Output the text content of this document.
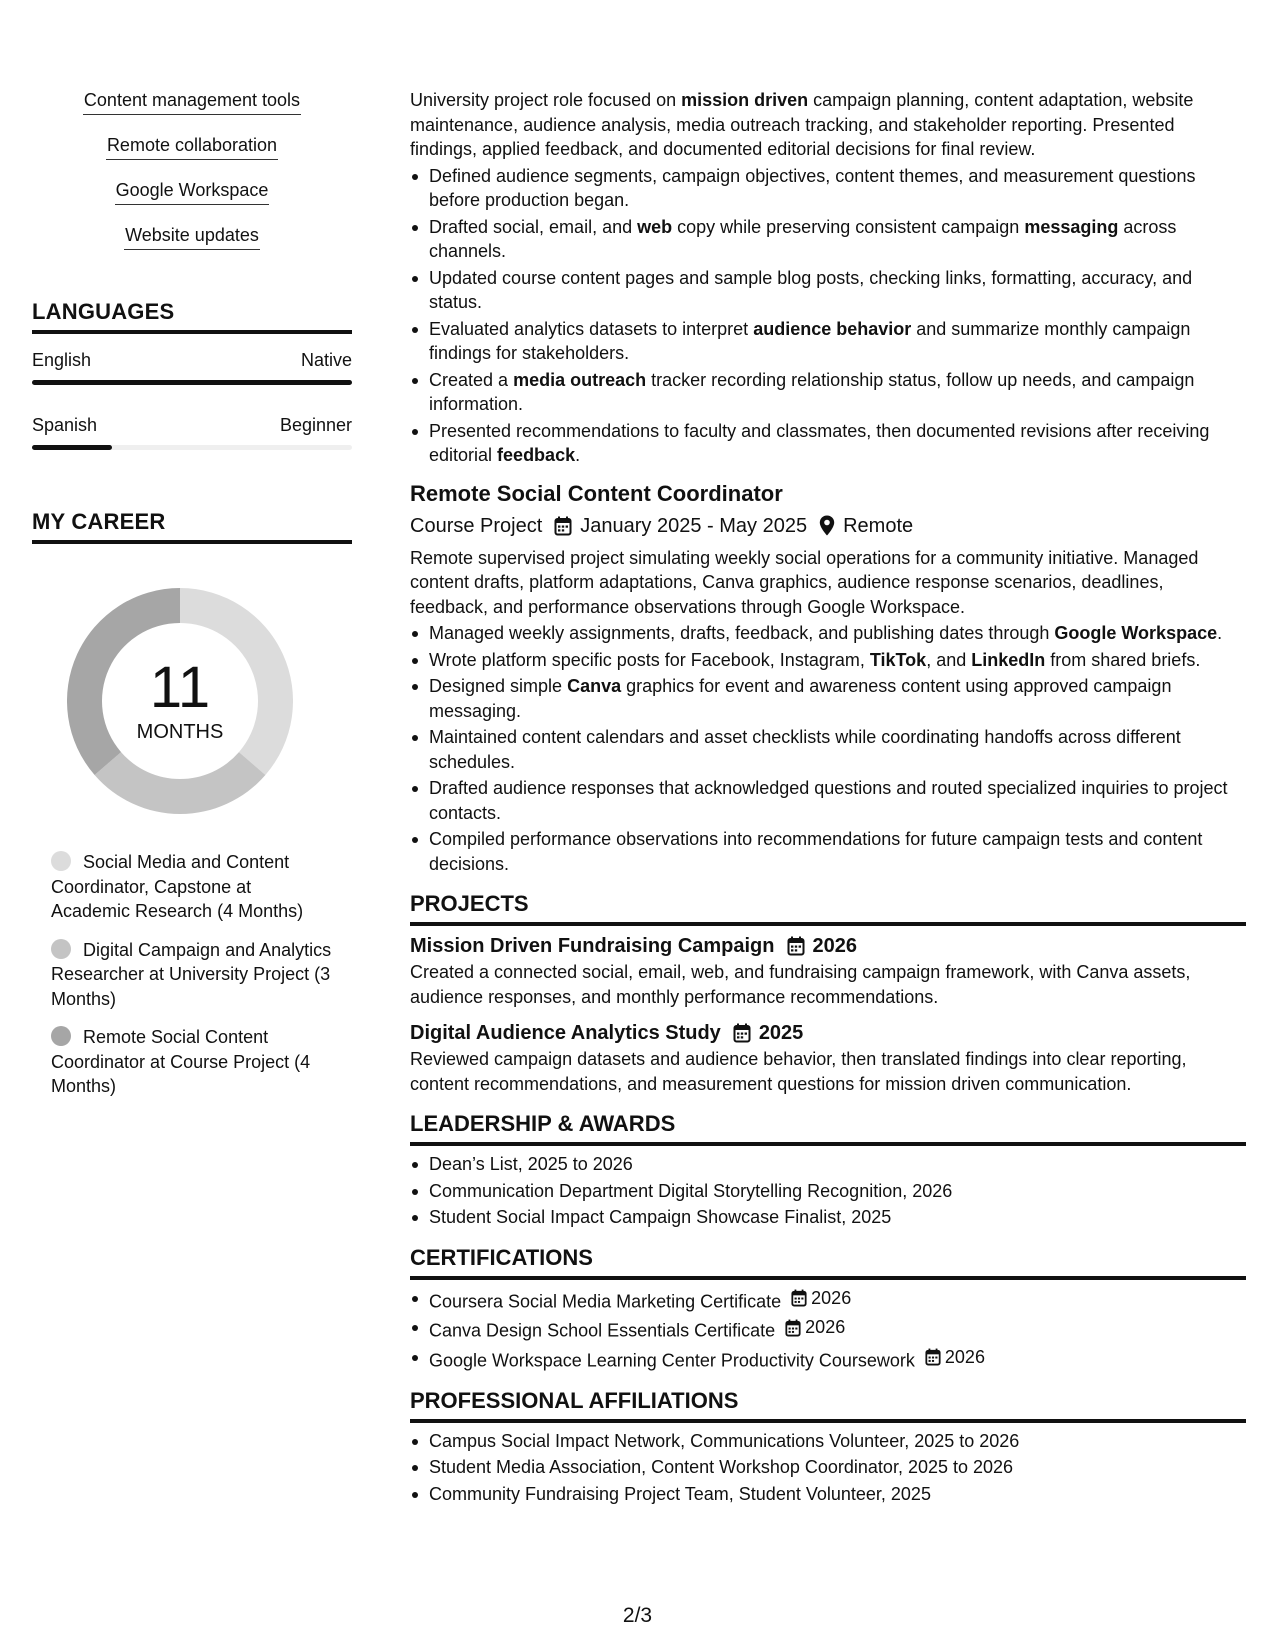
Content management tools
Remote collaboration
Google Workspace
Website updates
LANGUAGES
English	Native
Spanish	Beginner
MY CAREER
11
MONTHS
Social Media and Content Coordinator, Capstone at Academic Research (4 Months)
Digital Campaign and Analytics Researcher at University Project (3 Months)
Remote Social Content Coordinator at Course Project (4 Months)
University project role focused on mission driven campaign planning, content adaptation, website maintenance, audience analysis, media outreach tracking, and stakeholder reporting. Presented findings, applied feedback, and documented editorial decisions for final review.
Defined audience segments, campaign objectives, content themes, and measurement questions before production began.
Drafted social, email, and web copy while preserving consistent campaign messaging across channels.
Updated course content pages and sample blog posts, checking links, formatting, accuracy, and status.
Evaluated analytics datasets to interpret audience behavior and summarize monthly campaign findings for stakeholders.
Created a media outreach tracker recording relationship status, follow up needs, and campaign information.
Presented recommendations to faculty and classmates, then documented revisions after receiving editorial feedback.
Remote Social Content Coordinator
Course Project January 2025 - May 2025 Remote
Remote supervised project simulating weekly social operations for a community initiative. Managed content drafts, platform adaptations, Canva graphics, audience response scenarios, deadlines, feedback, and performance observations through Google Workspace.
Managed weekly assignments, drafts, feedback, and publishing dates through Google Workspace.
Wrote platform specific posts for Facebook, Instagram, TikTok, and LinkedIn from shared briefs.
Designed simple Canva graphics for event and awareness content using approved campaign messaging.
Maintained content calendars and asset checklists while coordinating handoffs across different schedules.
Drafted audience responses that acknowledged questions and routed specialized inquiries to project contacts.
Compiled performance observations into recommendations for future campaign tests and content decisions.
PROJECTS
Mission Driven Fundraising Campaign 2026
Created a connected social, email, web, and fundraising campaign framework, with Canva assets, audience responses, and monthly performance recommendations.
Digital Audience Analytics Study 2025
Reviewed campaign datasets and audience behavior, then translated findings into clear reporting, content recommendations, and measurement questions for mission driven communication.
LEADERSHIP & AWARDS
Dean’s List, 2025 to 2026
Communication Department Digital Storytelling Recognition, 2026
Student Social Impact Campaign Showcase Finalist, 2025
CERTIFICATIONS
Coursera Social Media Marketing Certificate 2026
Canva Design School Essentials Certificate 2026
Google Workspace Learning Center Productivity Coursework 2026
PROFESSIONAL AFFILIATIONS
Campus Social Impact Network, Communications Volunteer, 2025 to 2026
Student Media Association, Content Workshop Coordinator, 2025 to 2026
Community Fundraising Project Team, Student Volunteer, 2025
2/3
